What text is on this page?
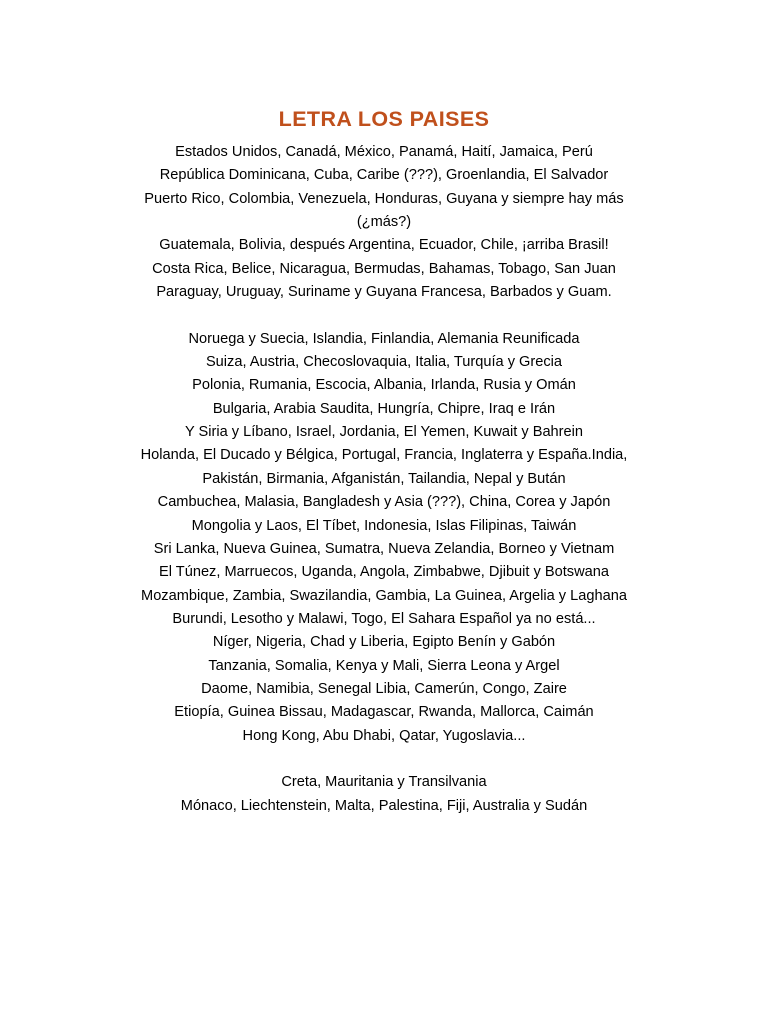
LETRA LOS PAISES
Estados Unidos, Canadá, México, Panamá, Haití, Jamaica, Perú
República Dominicana, Cuba, Caribe (???), Groenlandia, El Salvador
Puerto Rico, Colombia, Venezuela, Honduras, Guyana y siempre hay más
(¿más?)
Guatemala, Bolivia, después Argentina, Ecuador, Chile, ¡arriba Brasil!
Costa Rica, Belice, Nicaragua, Bermudas, Bahamas, Tobago, San Juan
Paraguay, Uruguay, Suriname y Guyana Francesa, Barbados y Guam.
Noruega y Suecia, Islandia, Finlandia, Alemania Reunificada
Suiza, Austria, Checoslovaquia, Italia, Turquía y Grecia
Polonia, Rumania, Escocia, Albania, Irlanda, Rusia y Omán
Bulgaria, Arabia Saudita, Hungría, Chipre, Iraq e Irán
Y Siria y Líbano, Israel, Jordania, El Yemen, Kuwait y Bahrein
Holanda, El Ducado y Bélgica, Portugal, Francia, Inglaterra y España.India,
Pakistán, Birmania, Afganistán, Tailandia, Nepal y Bután
Cambuchea, Malasia, Bangladesh y Asia (???), China, Corea y Japón
Mongolia y Laos, El Tíbet, Indonesia, Islas Filipinas, Taiwán
Sri Lanka, Nueva Guinea, Sumatra, Nueva Zelandia, Borneo y Vietnam
El Túnez, Marruecos, Uganda, Angola, Zimbabwe, Djibuit y Botswana
Mozambique, Zambia, Swazilandia, Gambia, La Guinea, Argelia y Laghana
Burundi, Lesotho y Malawi, Togo, El Sahara Español ya no está...
Níger, Nigeria, Chad y Liberia, Egipto Benín y Gabón
Tanzania, Somalia, Kenya y Mali, Sierra Leona y Argel
Daome, Namibia, Senegal Libia, Camerún, Congo, Zaire
Etiopía, Guinea Bissau, Madagascar, Rwanda, Mallorca, Caimán
Hong Kong, Abu Dhabi, Qatar, Yugoslavia...
Creta, Mauritania y Transilvania
Mónaco, Liechtenstein, Malta, Palestina, Fiji, Australia y Sudán
